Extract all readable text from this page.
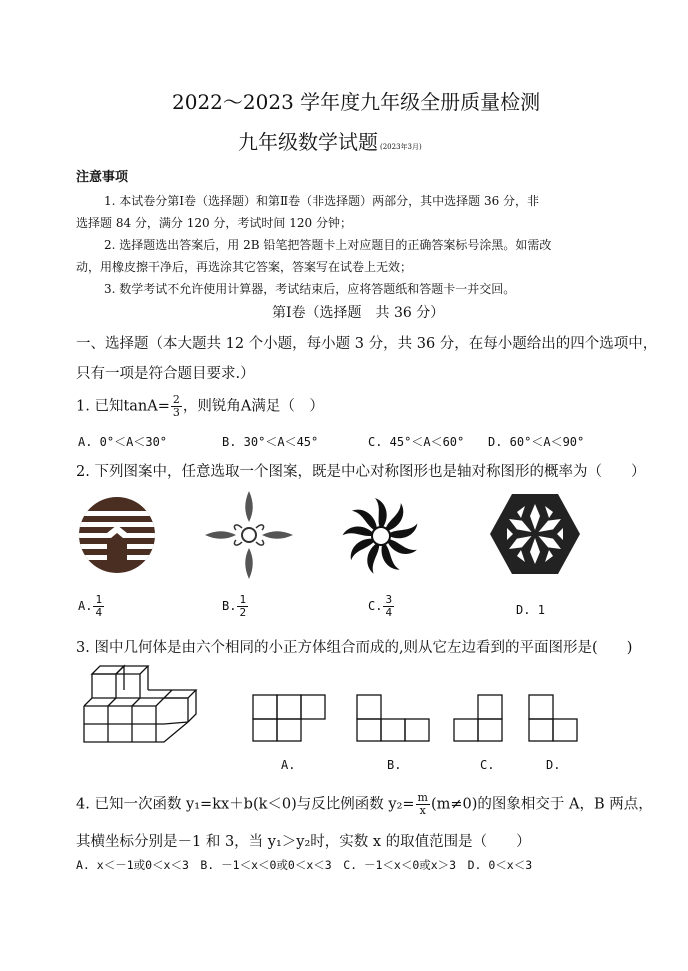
2022～2023 学年度九年级全册质量检测
九年级数学试题 (2023年3月)
注意事项
1. 本试卷分第Ⅰ卷（选择题）和第Ⅱ卷（非选择题）两部分，其中选择题 36 分，非
选择题 84 分，满分 120 分，考试时间 120 分钟；
2. 选择题选出答案后，用 2B 铅笔把答题卡上对应题目的正确答案标号涂黑。如需改
动，用橡皮擦干净后，再选涂其它答案，答案写在试卷上无效；
3. 数学考试不允许使用计算器，考试结束后，应将答题纸和答题卡一并交回。
第Ⅰ卷（选择题　共 36 分）
一、选择题（本大题共 12 个小题，每小题 3 分，共 36 分，在每小题给出的四个选项中，
只有一项是符合题目要求.）
1. 已知$\tan A= \frac{2}{3}$ ，则锐角A满足（　）
A. 0°＜A＜30°	B. 30°＜A＜45°	C. 45°＜A＜60° D. 60°＜A＜90°
2. 下列图案中，任意选取一个图案，既是中心对称图形也是轴对称图形的概率为（　　）
A. $\frac{1}{4}$	B. $\frac{1}{2}$	C. $\frac{3}{4}$	D. 1
3. 图中几何体是由六个相同的小正方体组合而成的,则从它左边看到的平面图形是(　　)
A.	B.	C.	D.
4. 已知一次函数 y₁=kx＋b(k＜0)与反比例函数 $y_2= \frac{m}{x} (m\ne 0)$的图象相交于 A，B 两点，
其横坐标分别是－1 和 3，当 y₁＞y₂时，实数 x 的取值范围是（　　）
A. x＜－1或0＜x＜3　B. －1＜x＜0或0＜x＜3　C. －1＜x＜0或x＞3　D. 0＜x＜3
